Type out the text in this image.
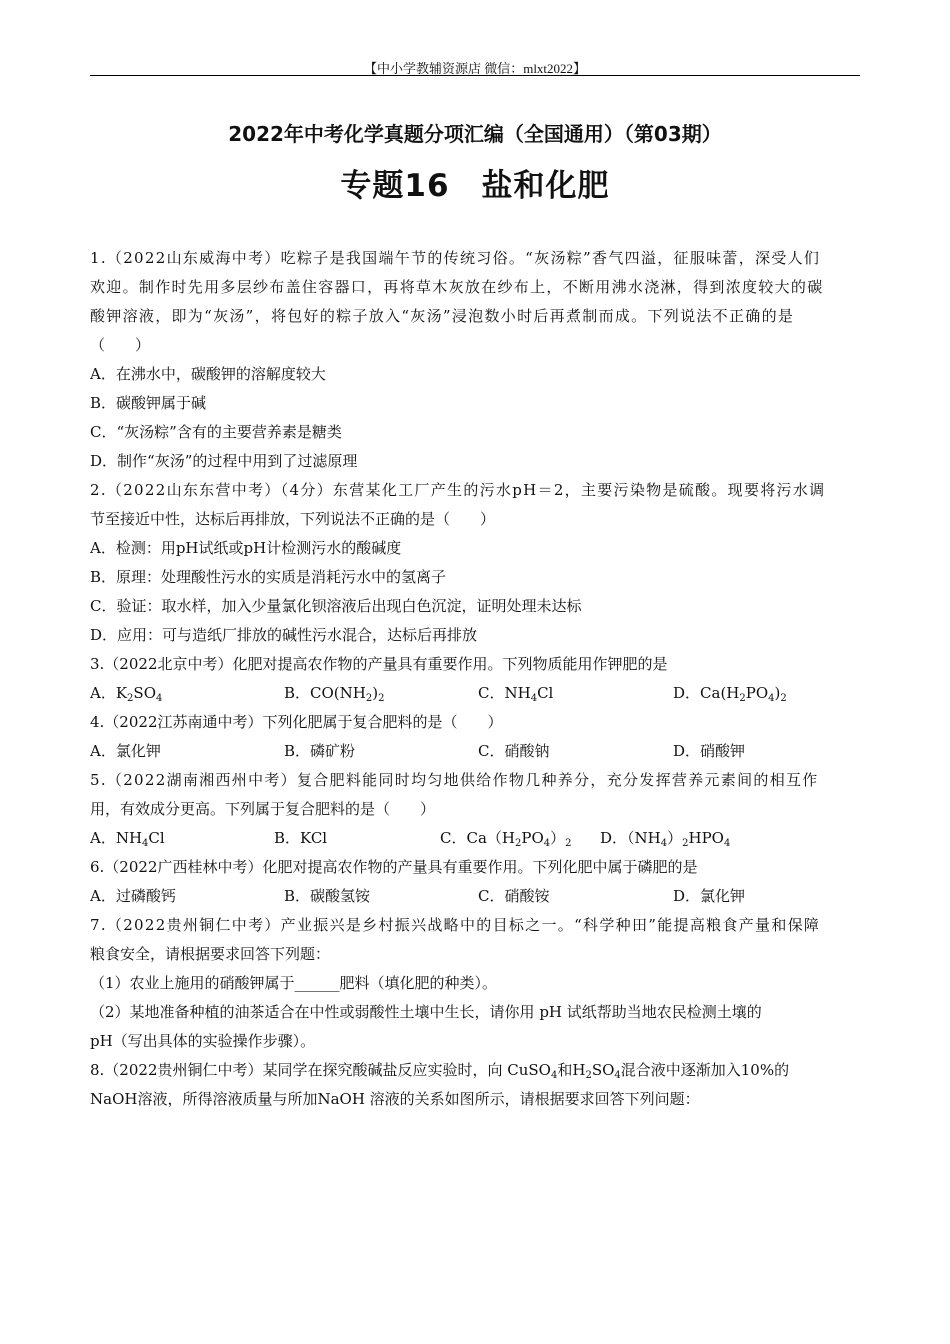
【中小学教辅资源店 微信：mlxt2022】
2022年中考化学真题分项汇编（全国通用）（第03期）
专题16　盐和化肥
1.（2022山东威海中考）吃粽子是我国端午节的传统习俗。“灰汤粽”香气四溢，征服味蕾，深受人们
欢迎。制作时先用多层纱布盖住容器口，再将草木灰放在纱布上，不断用沸水浇淋，得到浓度较大的碳
酸钾溶液，即为“灰汤”，将包好的粽子放入“灰汤”浸泡数小时后再煮制而成。下列说法不正确的是
（　　）
A．在沸水中，碳酸钾的溶解度较大
B．碳酸钾属于碱
C．“灰汤粽”含有的主要营养素是糖类
D．制作“灰汤”的过程中用到了过滤原理
2.（2022山东东营中考）（4分）东营某化工厂产生的污水pH＝2，主要污染物是硫酸。现要将污水调
节至接近中性，达标后再排放，下列说法不正确的是（　　）
A．检测：用pH试纸或pH计检测污水的酸碱度
B．原理：处理酸性污水的实质是消耗污水中的氢离子
C．验证：取水样，加入少量氯化钡溶液后出现白色沉淀，证明处理未达标
D．应用：可与造纸厂排放的碱性污水混合，达标后再排放
3.（2022北京中考）化肥对提高农作物的产量具有重要作用。下列物质能用作钾肥的是
A．$K_2SO_4$	B．$CO(NH_2)_2$	C．$NH_4Cl$	D．$Ca(H_2PO_4)_2$
4.（2022江苏南通中考）下列化肥属于复合肥料的是（　　）
A．氯化钾	B．磷矿粉	C．硝酸钠	D．硝酸钾
5.（2022湖南湘西州中考）复合肥料能同时均匀地供给作物几种养分，充分发挥营养元素间的相互作
用，有效成分更高。下列属于复合肥料的是（　　）
A．$NH_4Cl$	B．KCl	C．$Ca(H_2PO_4)_2$ D．$(NH_4)_2HPO_4$
6.（2022广西桂林中考）化肥对提高农作物的产量具有重要作用。下列化肥中属于磷肥的是
A．过磷酸钙	B．碳酸氢铵	C．硝酸铵	D．氯化钾
7.（2022贵州铜仁中考）产业振兴是乡村振兴战略中的目标之一。“科学种田”能提高粮食产量和保障
粮食安全，请根据要求回答下列题：
（1）农业上施用的硝酸钾属于______肥料（填化肥的种类）。
（2）某地准备种植的油茶适合在中性或弱酸性土壤中生长，请你用 pH 试纸帮助当地农民检测土壤的
pH（写出具体的实验操作步骤）。
8.（2022贵州铜仁中考）某同学在探究酸碱盐反应实验时，向 CuSO$_4$和$H_2SO_4$混合液中逐渐加入10%的
NaOH溶液，所得溶液质量与所加NaOH 溶液的关系如图所示，请根据要求回答下列问题：
